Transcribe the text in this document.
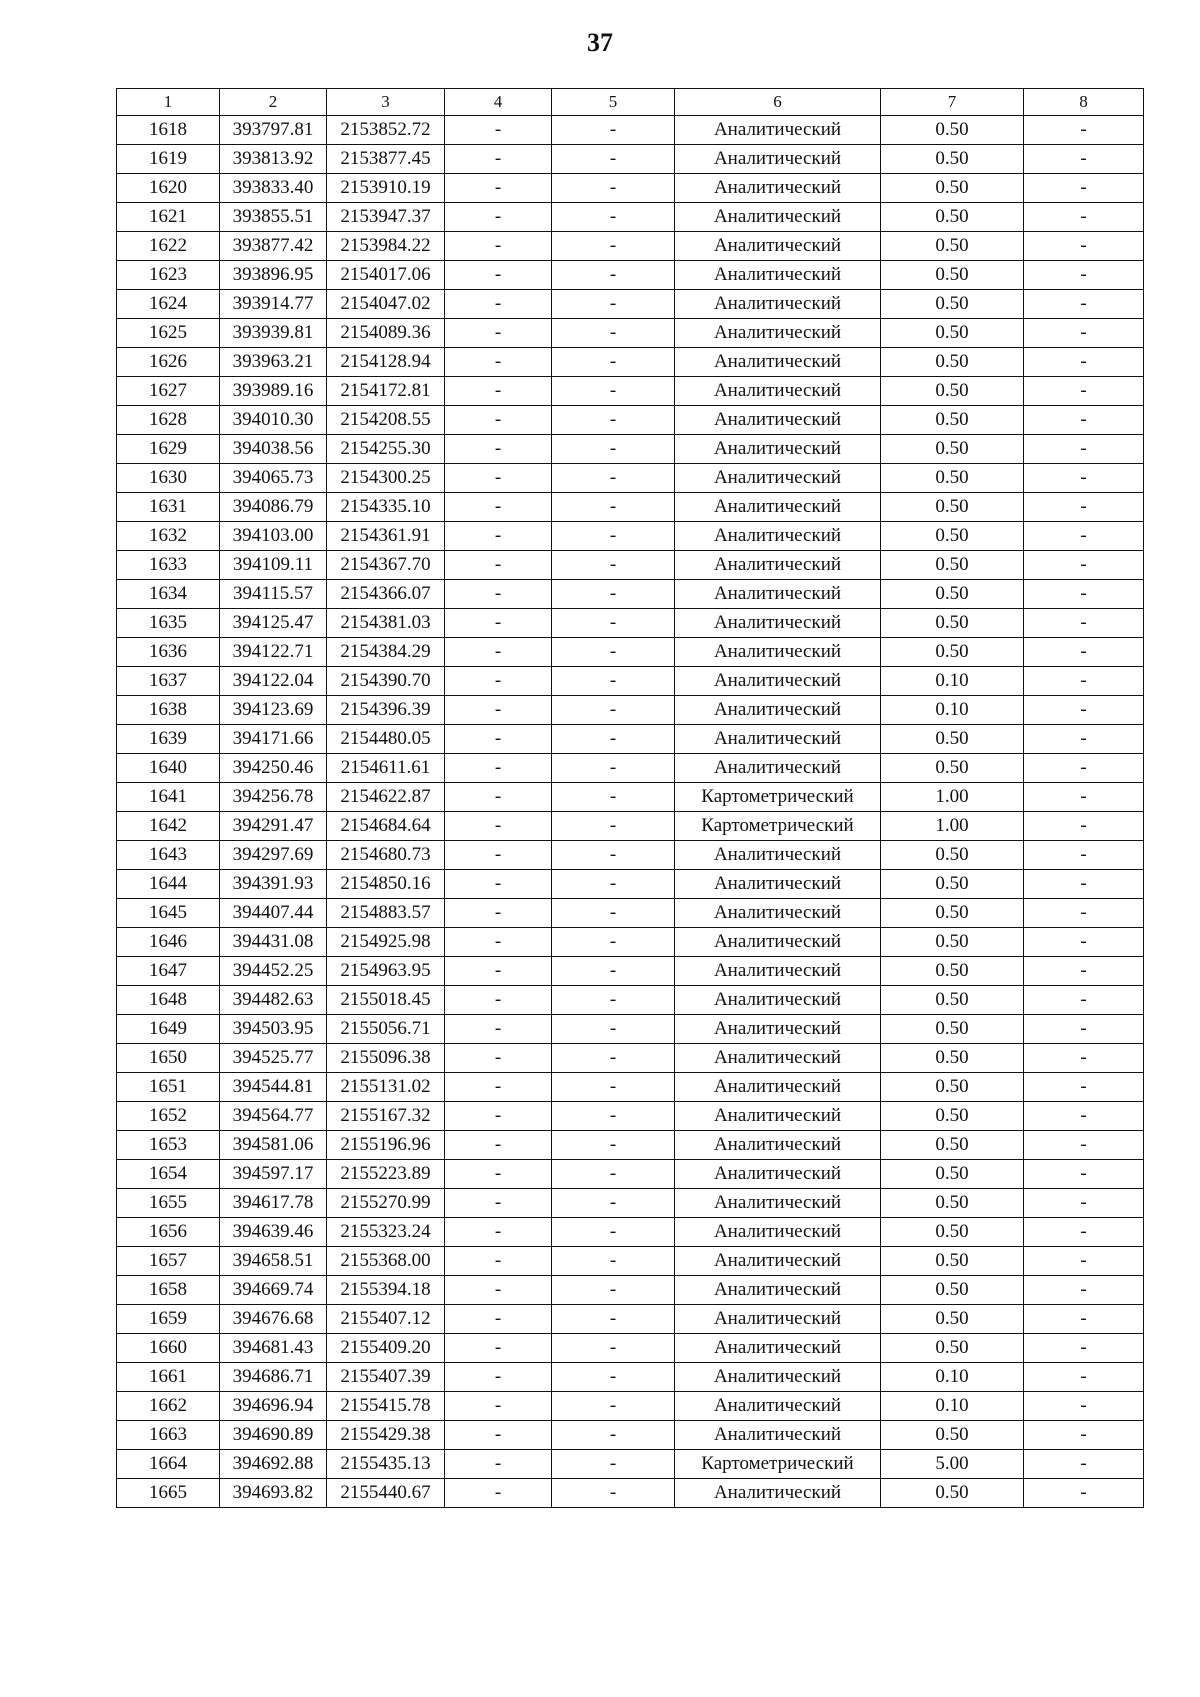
37
1	2	3	4	5	6	7	8
1618	393797.81	2153852.72	-	-	Аналитический	0.50	-
1619	393813.92	2153877.45	-	-	Аналитический	0.50	-
1620	393833.40	2153910.19	-	-	Аналитический	0.50	-
1621	393855.51	2153947.37	-	-	Аналитический	0.50	-
1622	393877.42	2153984.22	-	-	Аналитический	0.50	-
1623	393896.95	2154017.06	-	-	Аналитический	0.50	-
1624	393914.77	2154047.02	-	-	Аналитический	0.50	-
1625	393939.81	2154089.36	-	-	Аналитический	0.50	-
1626	393963.21	2154128.94	-	-	Аналитический	0.50	-
1627	393989.16	2154172.81	-	-	Аналитический	0.50	-
1628	394010.30	2154208.55	-	-	Аналитический	0.50	-
1629	394038.56	2154255.30	-	-	Аналитический	0.50	-
1630	394065.73	2154300.25	-	-	Аналитический	0.50	-
1631	394086.79	2154335.10	-	-	Аналитический	0.50	-
1632	394103.00	2154361.91	-	-	Аналитический	0.50	-
1633	394109.11	2154367.70	-	-	Аналитический	0.50	-
1634	394115.57	2154366.07	-	-	Аналитический	0.50	-
1635	394125.47	2154381.03	-	-	Аналитический	0.50	-
1636	394122.71	2154384.29	-	-	Аналитический	0.50	-
1637	394122.04	2154390.70	-	-	Аналитический	0.10	-
1638	394123.69	2154396.39	-	-	Аналитический	0.10	-
1639	394171.66	2154480.05	-	-	Аналитический	0.50	-
1640	394250.46	2154611.61	-	-	Аналитический	0.50	-
1641	394256.78	2154622.87	-	-	Картометрический	1.00	-
1642	394291.47	2154684.64	-	-	Картометрический	1.00	-
1643	394297.69	2154680.73	-	-	Аналитический	0.50	-
1644	394391.93	2154850.16	-	-	Аналитический	0.50	-
1645	394407.44	2154883.57	-	-	Аналитический	0.50	-
1646	394431.08	2154925.98	-	-	Аналитический	0.50	-
1647	394452.25	2154963.95	-	-	Аналитический	0.50	-
1648	394482.63	2155018.45	-	-	Аналитический	0.50	-
1649	394503.95	2155056.71	-	-	Аналитический	0.50	-
1650	394525.77	2155096.38	-	-	Аналитический	0.50	-
1651	394544.81	2155131.02	-	-	Аналитический	0.50	-
1652	394564.77	2155167.32	-	-	Аналитический	0.50	-
1653	394581.06	2155196.96	-	-	Аналитический	0.50	-
1654	394597.17	2155223.89	-	-	Аналитический	0.50	-
1655	394617.78	2155270.99	-	-	Аналитический	0.50	-
1656	394639.46	2155323.24	-	-	Аналитический	0.50	-
1657	394658.51	2155368.00	-	-	Аналитический	0.50	-
1658	394669.74	2155394.18	-	-	Аналитический	0.50	-
1659	394676.68	2155407.12	-	-	Аналитический	0.50	-
1660	394681.43	2155409.20	-	-	Аналитический	0.50	-
1661	394686.71	2155407.39	-	-	Аналитический	0.10	-
1662	394696.94	2155415.78	-	-	Аналитический	0.10	-
1663	394690.89	2155429.38	-	-	Аналитический	0.50	-
1664	394692.88	2155435.13	-	-	Картометрический	5.00	-
1665	394693.82	2155440.67	-	-	Аналитический	0.50	-
